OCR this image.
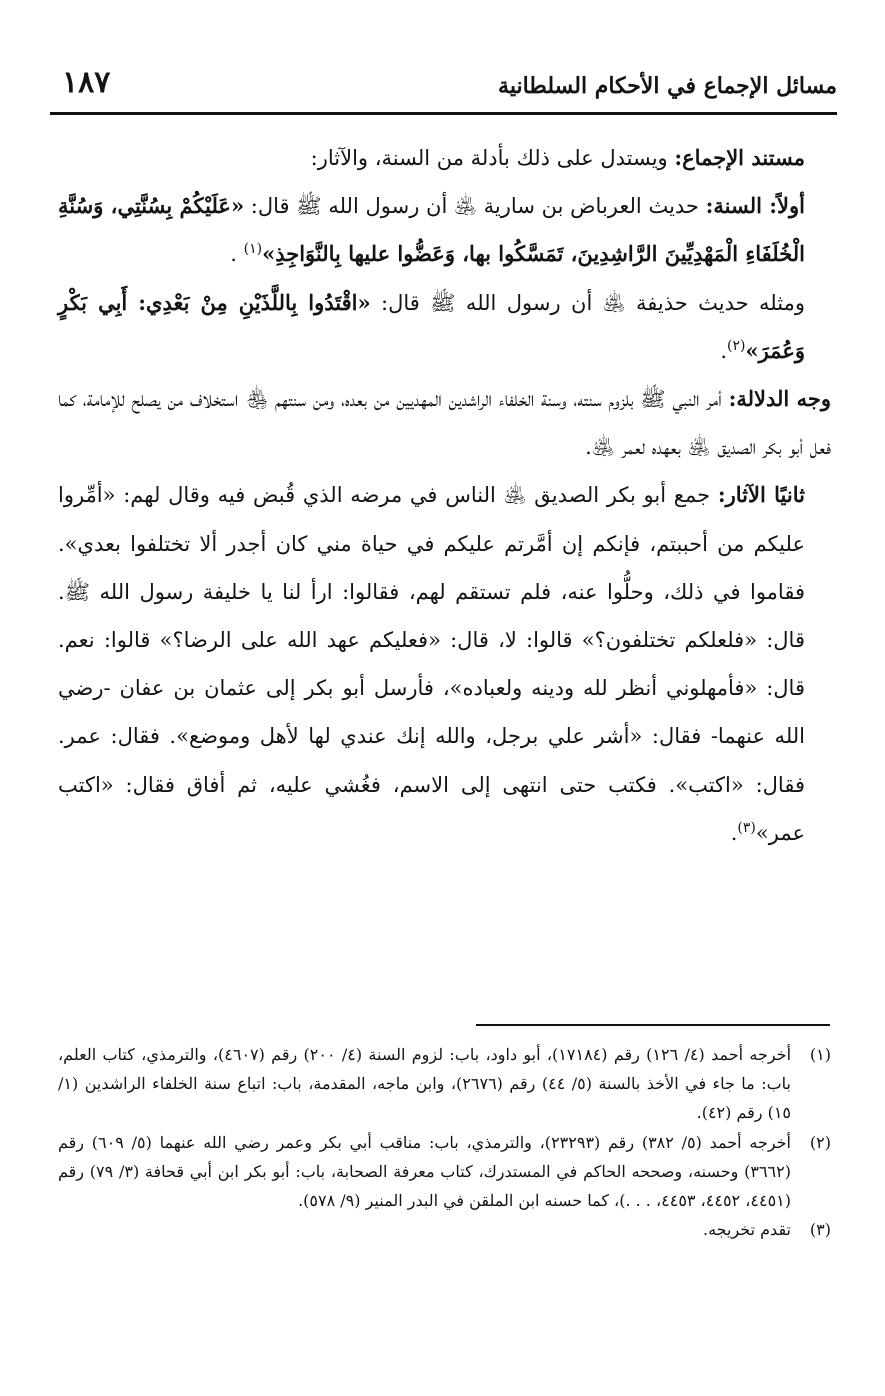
مسائل الإجماع في الأحكام السلطانية
١٨٧

مستند الإجماع: ويستدل على ذلك بأدلة من السنة، والآثار:

أولاً: السنة: حديث العرباض بن سارية ﵁ أن رسول الله ﷺ قال: «عَلَيْكُمْ بِسُنَّتِي، وَسُنَّةِ الْخُلَفَاءِ الْمَهْدِيِّينَ الرَّاشِدِينَ، تَمَسَّكُوا بها، وَعَضُّوا عليها بِالنَّوَاجِذِ»$^{(١)}$ .

ومثله حديث حذيفة ﵁ أن رسول الله ﷺ قال: «اقْتَدُوا بِاللَّذَيْنِ مِنْ بَعْدِي: أَبِي بَكْرٍ وَعُمَرَ»$^{(٢)}$.

وجه الدلالة: أمر النبي ﷺ بلزوم سنته، وسنة الخلفاء الراشدين المهديين من بعده، ومن سنتهم ﵃ استخلاف من يصلح للإمامة، كما فعل أبو بكر الصديق ﵁ بعهده لعمر ﵁.

ثانيًا الآثار: جمع أبو بكر الصديق ﵁ الناس في مرضه الذي قُبض فيه وقال لهم: «أمِّروا عليكم من أحببتم، فإنكم إن أمَّرتم عليكم في حياة مني كان أجدر ألا تختلفوا بعدي». فقاموا في ذلك، وحلُّوا عنه، فلم تستقم لهم، فقالوا: ارأ لنا يا خليفة رسول الله ﷺ. قال: «فلعلكم تختلفون؟» قالوا: لا، قال: «فعليكم عهد الله على الرضا؟» قالوا: نعم. قال: «فأمهلوني أنظر لله ودينه ولعباده»، فأرسل أبو بكر إلى عثمان بن عفان -رضي الله عنهما- فقال: «أشر علي برجل، والله إنك عندي لها لأهل وموضع». فقال: عمر. فقال: «اكتب». فكتب حتى انتهى إلى الاسم، فغُشي عليه، ثم أفاق فقال: «اكتب عمر»$^{(٣)}$.

(١)أخرجه أحمد (٤/ ١٢٦) رقم (١٧١٨٤)، أبو داود، باب: لزوم السنة (٤/ ٢٠٠) رقم (٤٦٠٧)، والترمذي، كتاب العلم، باب: ما جاء في الأخذ بالسنة (٥/ ٤٤) رقم (٢٦٧٦)، وابن ماجه، المقدمة، باب: اتباع سنة الخلفاء الراشدين (١/ ١٥) رقم (٤٢).

(٢)أخرجه أحمد (٥/ ٣٨٢) رقم (٢٣٢٩٣)، والترمذي، باب: مناقب أبي بكر وعمر رضي الله عنهما (٥/ ٦٠٩) رقم (٣٦٦٢) وحسنه، وصححه الحاكم في المستدرك، كتاب معرفة الصحابة، باب: أبو بكر ابن أبي قحافة (٣/ ٧٩) رقم (٤٤٥١، ٤٤٥٢، ٤٤٥٣، . . .)، كما حسنه ابن الملقن في البدر المنير (٩/ ٥٧٨).

(٣)تقدم تخريجه.
